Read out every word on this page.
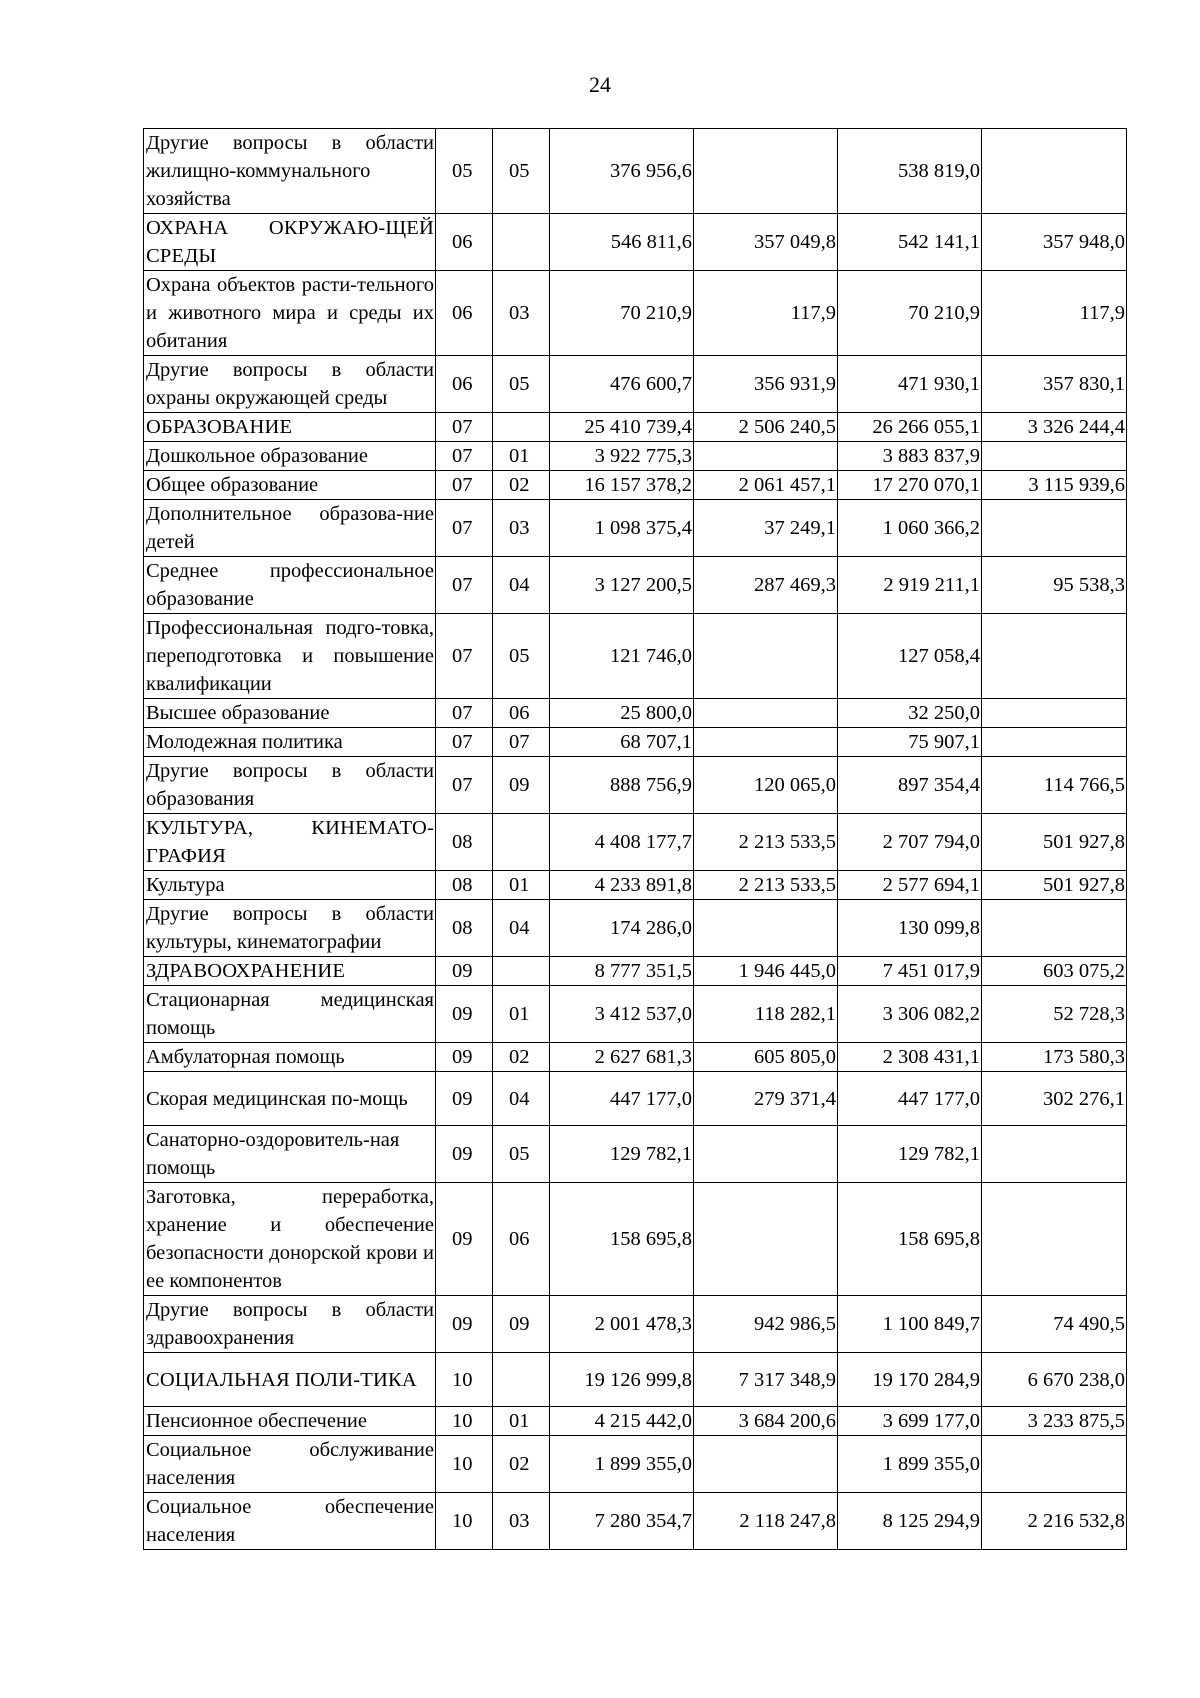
24
Другие вопросы в области жилищно-коммунального хозяйства	05	05	376 956,6		538 819,0	
ОХРАНА ОКРУЖАЮ-ЩЕЙ СРЕДЫ	06		546 811,6	357 049,8	542 141,1	357 948,0
Охрана объектов расти-тельного и животного мира и среды их обитания	06	03	70 210,9	117,9	70 210,9	117,9
Другие вопросы в области охраны окружающей среды	06	05	476 600,7	356 931,9	471 930,1	357 830,1
ОБРАЗОВАНИЕ	07		25 410 739,4	2 506 240,5	26 266 055,1	3 326 244,4
Дошкольное образование	07	01	3 922 775,3		3 883 837,9	
Общее образование	07	02	16 157 378,2	2 061 457,1	17 270 070,1	3 115 939,6
Дополнительное образова-ние детей	07	03	1 098 375,4	37 249,1	1 060 366,2	
Среднее профессиональное образование	07	04	3 127 200,5	287 469,3	2 919 211,1	95 538,3
Профессиональная подго-товка, переподготовка и повышение квалификации	07	05	121 746,0		127 058,4	
Высшее образование	07	06	25 800,0		32 250,0	
Молодежная политика	07	07	68 707,1		75 907,1	
Другие вопросы в области образования	07	09	888 756,9	120 065,0	897 354,4	114 766,5
КУЛЬТУРА, КИНЕМАТО-ГРАФИЯ	08		4 408 177,7	2 213 533,5	2 707 794,0	501 927,8
Культура	08	01	4 233 891,8	2 213 533,5	2 577 694,1	501 927,8
Другие вопросы в области культуры, кинематографии	08	04	174 286,0		130 099,8	
ЗДРАВООХРАНЕНИЕ	09		8 777 351,5	1 946 445,0	7 451 017,9	603 075,2
Стационарная медицинская помощь	09	01	3 412 537,0	118 282,1	3 306 082,2	52 728,3
Амбулаторная помощь	09	02	2 627 681,3	605 805,0	2 308 431,1	173 580,3
Скорая медицинская по-мощь	09	04	447 177,0	279 371,4	447 177,0	302 276,1
Санаторно-оздоровитель-ная помощь	09	05	129 782,1		129 782,1	
Заготовка, переработка, хранение и обеспечение безопасности донорской крови и ее компонентов	09	06	158 695,8		158 695,8	
Другие вопросы в области здравоохранения	09	09	2 001 478,3	942 986,5	1 100 849,7	74 490,5
СОЦИАЛЬНАЯ ПОЛИ-ТИКА	10		19 126 999,8	7 317 348,9	19 170 284,9	6 670 238,0
Пенсионное обеспечение	10	01	4 215 442,0	3 684 200,6	3 699 177,0	3 233 875,5
Социальное обслуживание населения	10	02	1 899 355,0		1 899 355,0	
Социальное обеспечение населения	10	03	7 280 354,7	2 118 247,8	8 125 294,9	2 216 532,8
